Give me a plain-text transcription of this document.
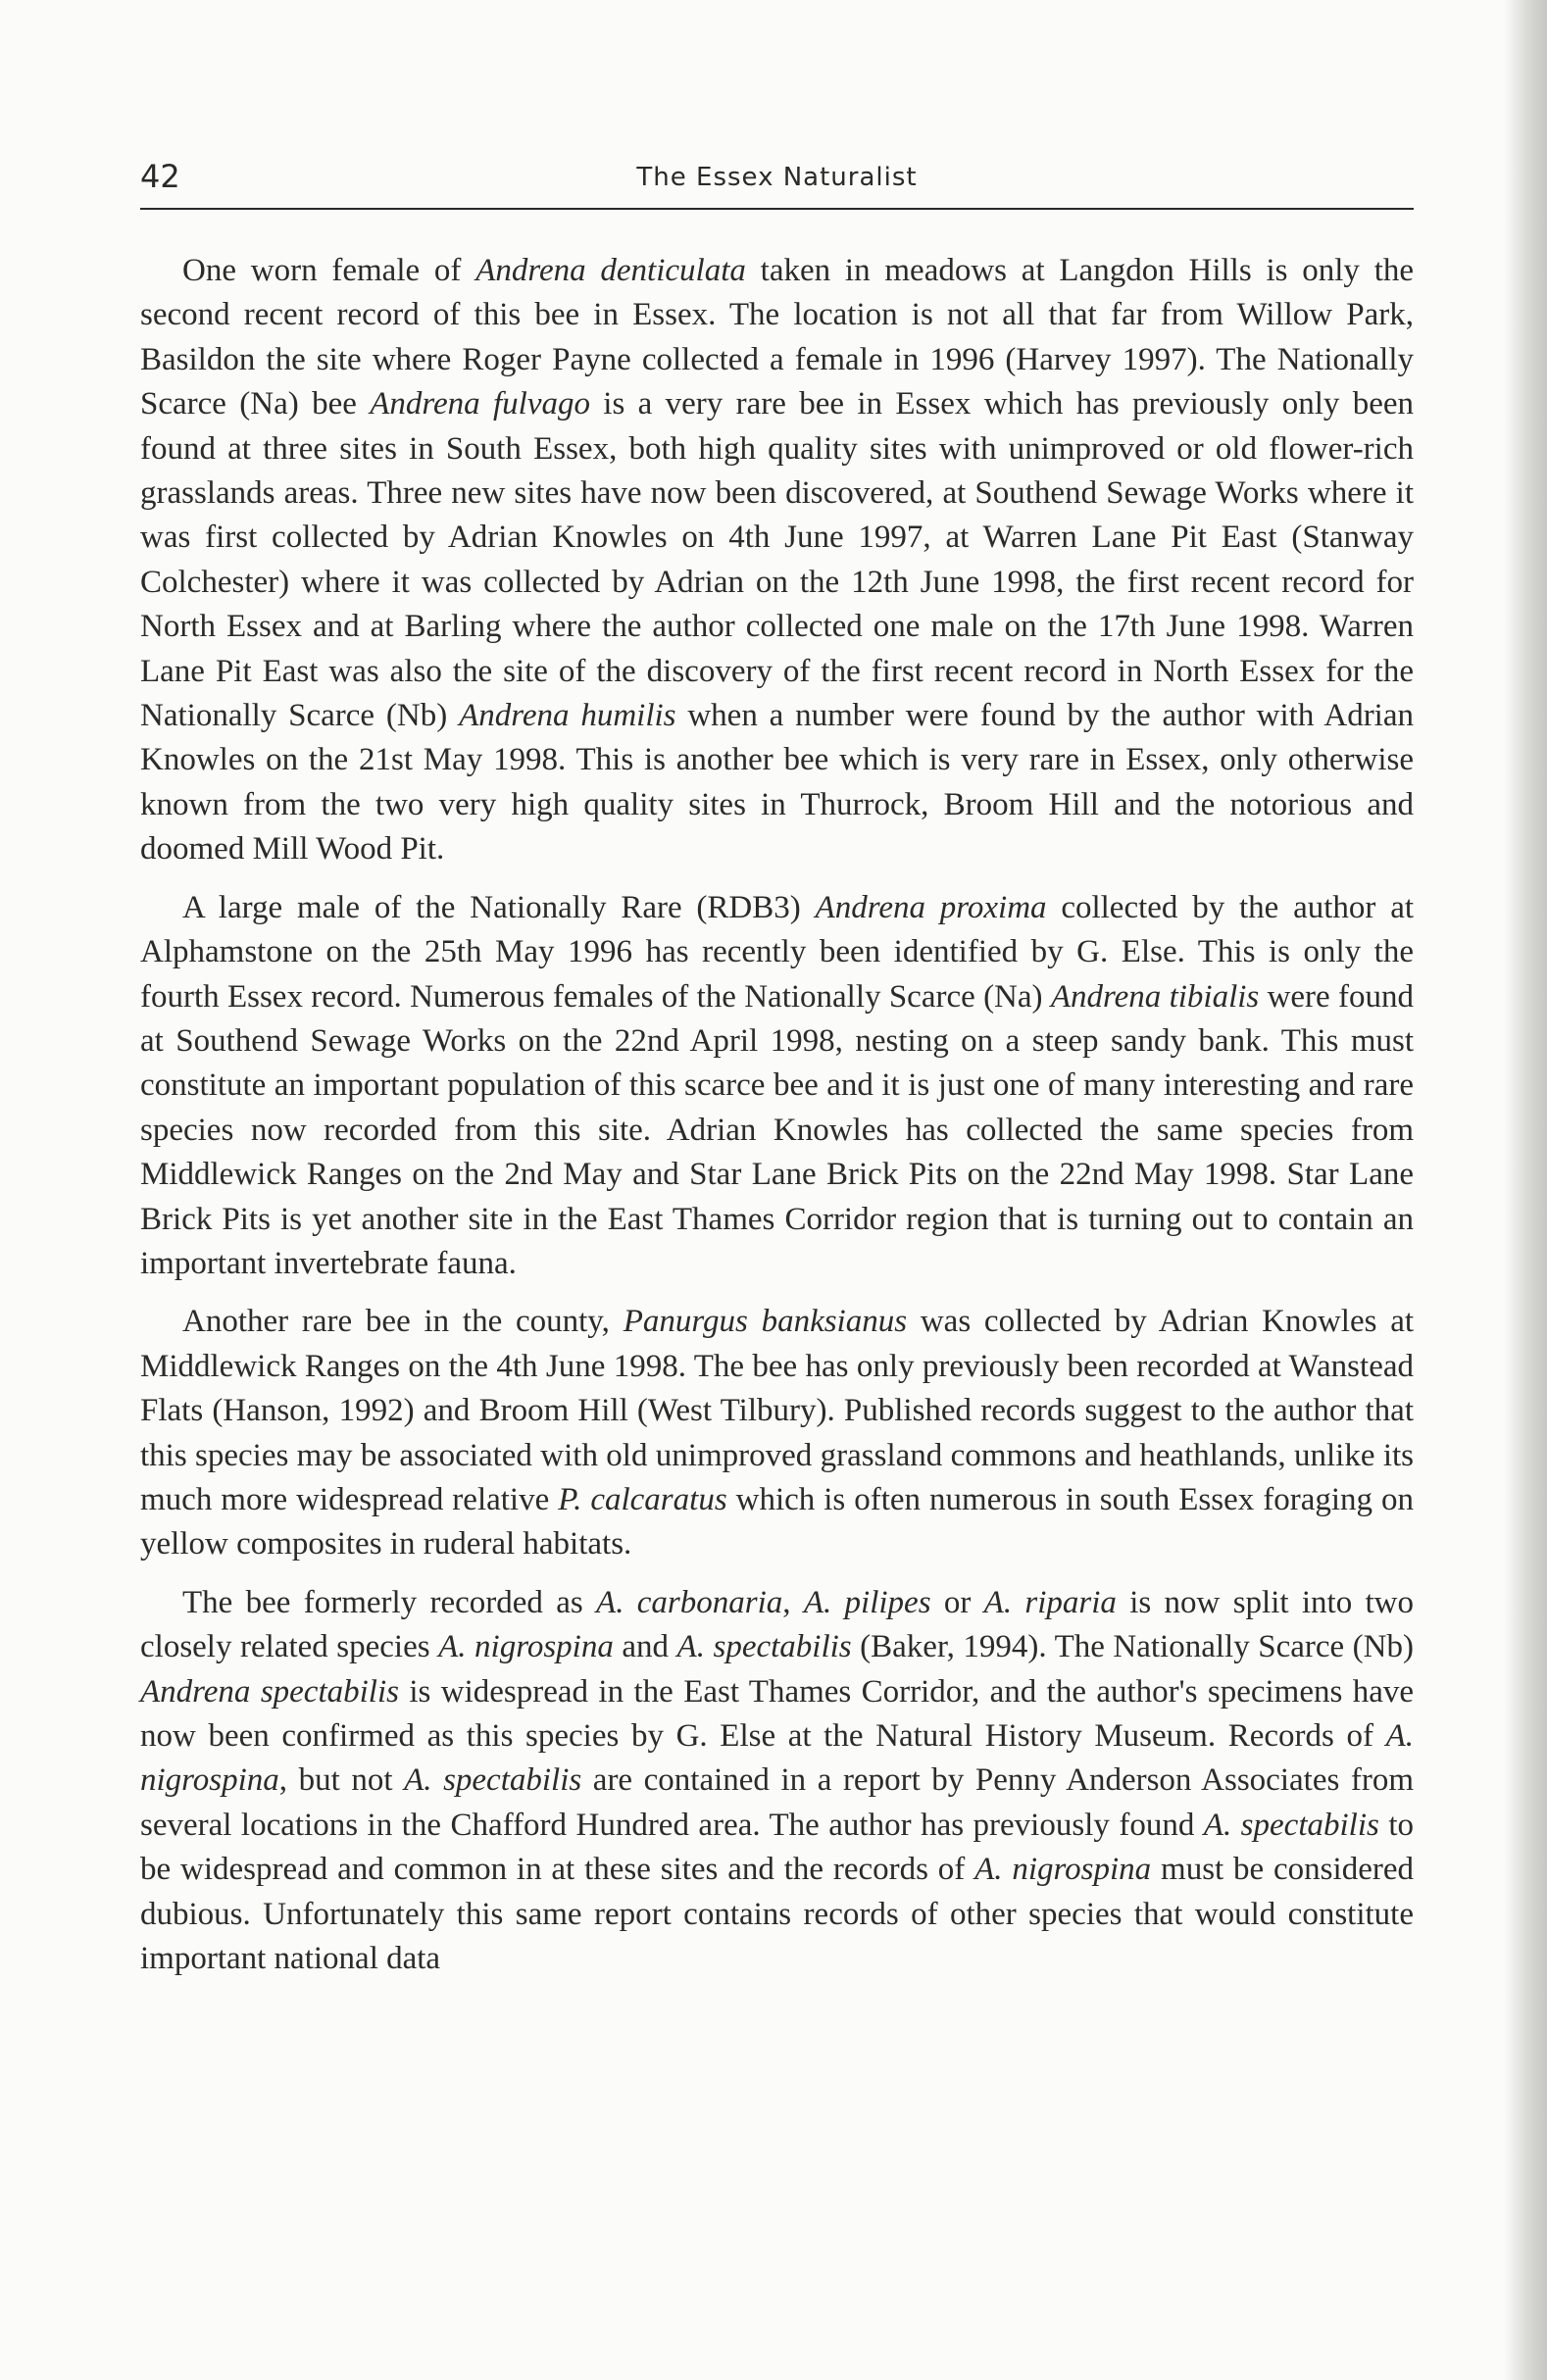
42	The Essex Naturalist

One worn female of Andrena denticulata taken in meadows at Langdon Hills is only the second recent record of this bee in Essex. The location is not all that far from Willow Park, Basildon the site where Roger Payne collected a female in 1996 (Harvey 1997). The Nationally Scarce (Na) bee Andrena fulvago is a very rare bee in Essex which has previously only been found at three sites in South Essex, both high quality sites with unimproved or old flower-rich grasslands areas. Three new sites have now been discovered, at Southend Sewage Works where it was first collected by Adrian Knowles on 4th June 1997, at Warren Lane Pit East (Stanway Colchester) where it was collected by Adrian on the 12th June 1998, the first recent record for North Essex and at Barling where the author collected one male on the 17th June 1998. Warren Lane Pit East was also the site of the discovery of the first recent record in North Essex for the Nationally Scarce (Nb) Andrena humilis when a number were found by the author with Adrian Knowles on the 21st May 1998. This is another bee which is very rare in Essex, only otherwise known from the two very high quality sites in Thurrock, Broom Hill and the notorious and doomed Mill Wood Pit.

A large male of the Nationally Rare (RDB3) Andrena proxima collected by the author at Alphamstone on the 25th May 1996 has recently been identified by G. Else. This is only the fourth Essex record. Numerous females of the Nationally Scarce (Na) Andrena tibialis were found at Southend Sewage Works on the 22nd April 1998, nesting on a steep sandy bank. This must constitute an important population of this scarce bee and it is just one of many interesting and rare species now recorded from this site. Adrian Knowles has collected the same species from Middlewick Ranges on the 2nd May and Star Lane Brick Pits on the 22nd May 1998. Star Lane Brick Pits is yet another site in the East Thames Corridor region that is turning out to contain an important invertebrate fauna.

Another rare bee in the county, Panurgus banksianus was collected by Adrian Knowles at Middlewick Ranges on the 4th June 1998. The bee has only previously been recorded at Wanstead Flats (Hanson, 1992) and Broom Hill (West Tilbury). Published records suggest to the author that this species may be associated with old unimproved grassland commons and heathlands, unlike its much more widespread relative P. calcaratus which is often numerous in south Essex foraging on yellow composites in ruderal habitats.

The bee formerly recorded as A. carbonaria, A. pilipes or A. riparia is now split into two closely related species A. nigrospina and A. spectabilis (Baker, 1994). The Nationally Scarce (Nb) Andrena spectabilis is widespread in the East Thames Corridor, and the author's specimens have now been confirmed as this species by G. Else at the Natural History Museum. Records of A. nigrospina, but not A. spectabilis are contained in a report by Penny Anderson Associates from several locations in the Chafford Hundred area. The author has previously found A. spectabilis to be widespread and common in at these sites and the records of A. nigrospina must be considered dubious. Unfortunately this same report contains records of other species that would constitute important national data
